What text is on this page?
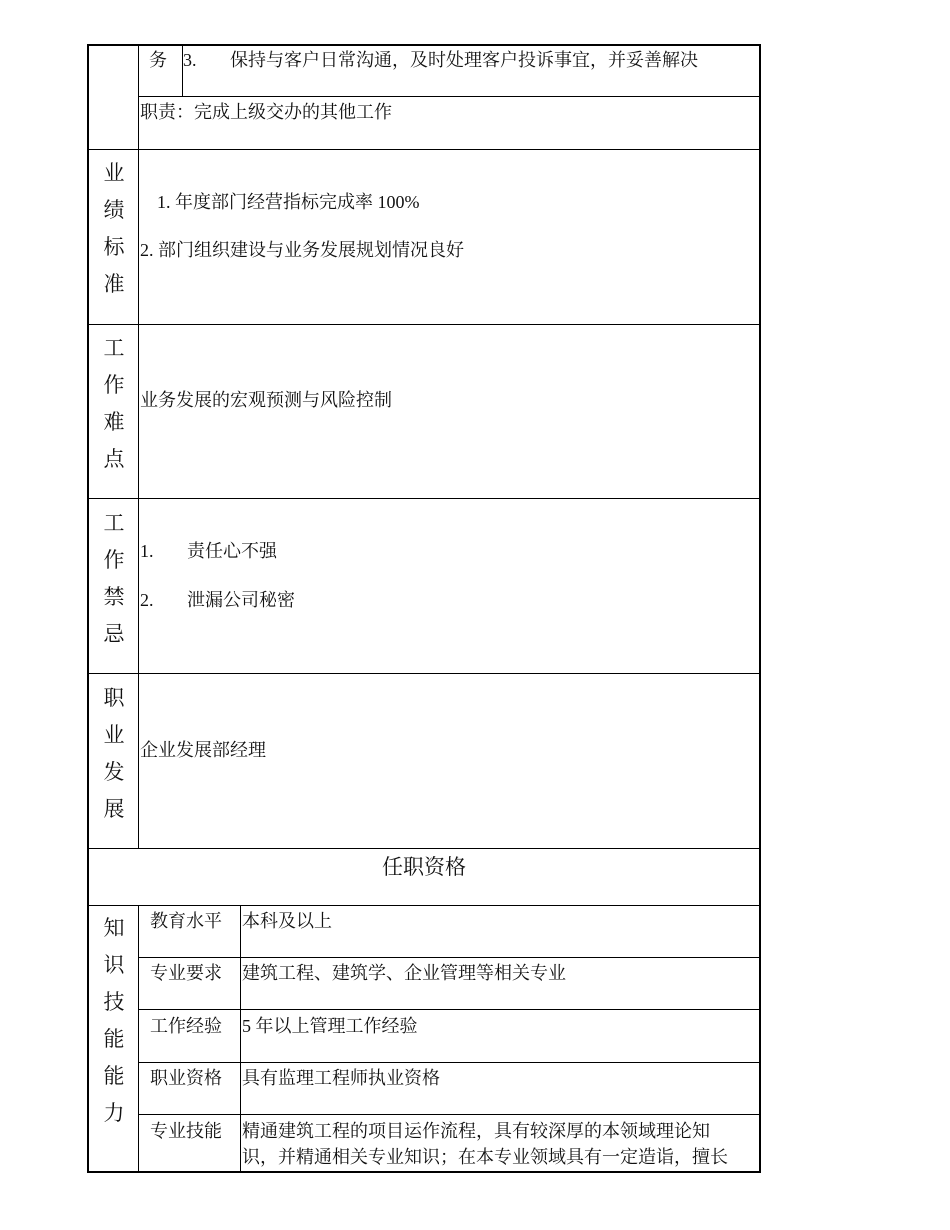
务 3. 保持与客户日常沟通，及时处理客户投诉事宜，并妥善解决
职责：完成上级交办的其他工作
业
绩
标
准
1. 年度部门经营指标完成率 100%
2. 部门组织建设与业务发展规划情况良好
工
作
难
点
业务发展的宏观预测与风险控制
工
作
禁
忌
1. 责任心不强
2. 泄漏公司秘密
职
业
发
展
企业发展部经理
任职资格
知
识
技
能
能
力
教育水平 本科及以上
专业要求 建筑工程、建筑学、企业管理等相关专业
工作经验 5 年以上管理工作经验
职业资格 具有监理工程师执业资格
专业技能 精通建筑工程的项目运作流程，具有较深厚的本领域理论知
识，并精通相关专业知识；在本专业领域具有一定造诣，擅长
